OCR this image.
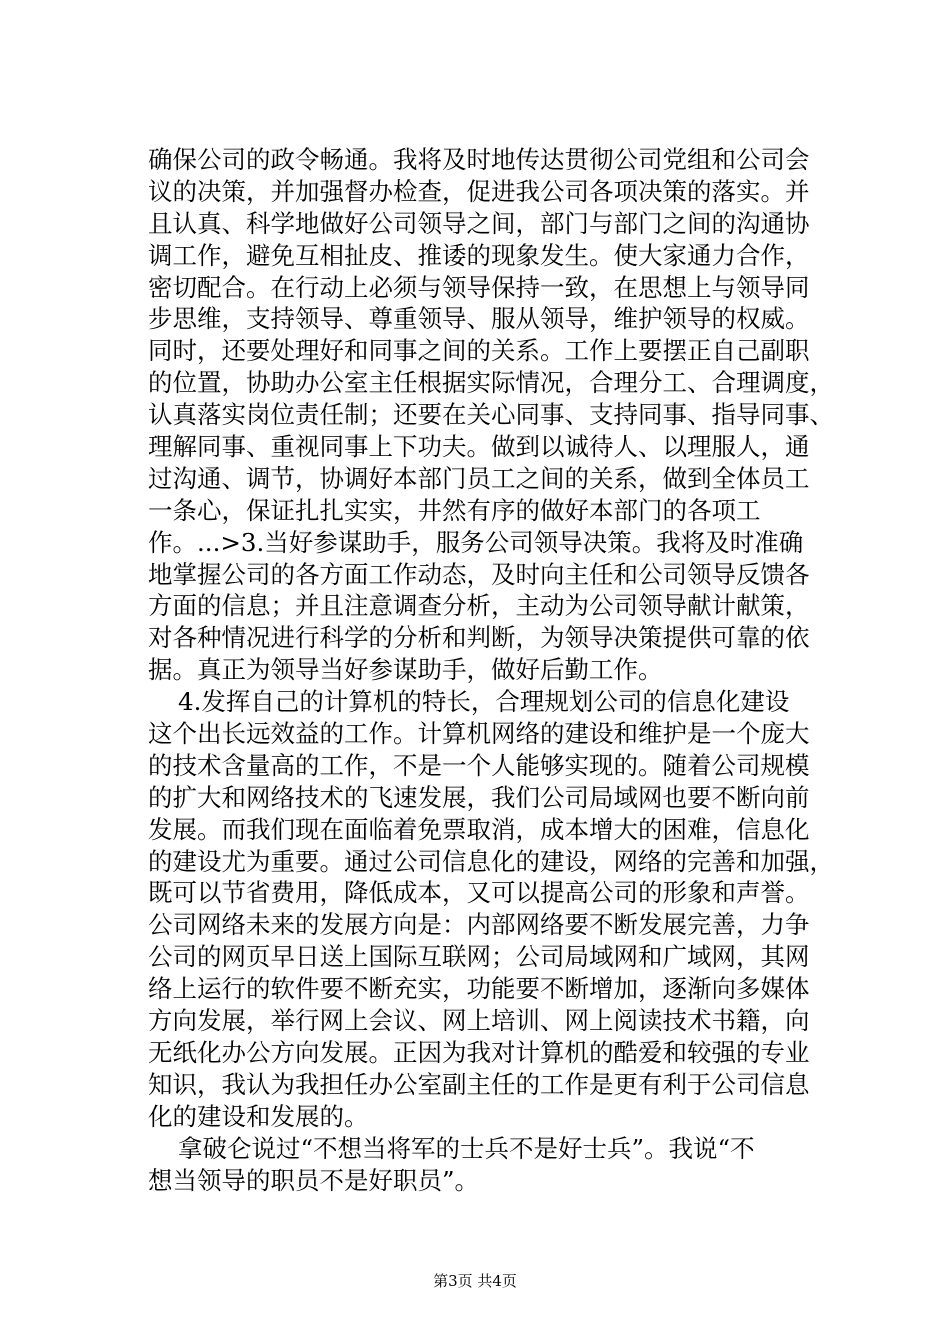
确保公司的政令畅通。我将及时地传达贯彻公司党组和公司会
议的决策，并加强督办检查，促进我公司各项决策的落实。并
且认真、科学地做好公司领导之间，部门与部门之间的沟通协
调工作，避免互相扯皮、推诿的现象发生。使大家通力合作，
密切配合。在行动上必须与领导保持一致，在思想上与领导同
步思维，支持领导、尊重领导、服从领导，维护领导的权威。
同时，还要处理好和同事之间的关系。工作上要摆正自己副职
的位置，协助办公室主任根据实际情况，合理分工、合理调度，
认真落实岗位责任制；还要在关心同事、支持同事、指导同事、
理解同事、重视同事上下功夫。做到以诚待人、以理服人，通
过沟通、调节，协调好本部门员工之间的关系，做到全体员工
一条心，保证扎扎实实，井然有序的做好本部门的各项工
作。...>3.当好参谋助手，服务公司领导决策。我将及时准确
地掌握公司的各方面工作动态，及时向主任和公司领导反馈各
方面的信息；并且注意调查分析，主动为公司领导献计献策，
对各种情况进行科学的分析和判断，为领导决策提供可靠的依
据。真正为领导当好参谋助手，做好后勤工作。
4.发挥自己的计算机的特长，合理规划公司的信息化建设
这个出长远效益的工作。计算机网络的建设和维护是一个庞大
的技术含量高的工作，不是一个人能够实现的。随着公司规模
的扩大和网络技术的飞速发展，我们公司局域网也要不断向前
发展。而我们现在面临着免票取消，成本增大的困难，信息化
的建设尤为重要。通过公司信息化的建设，网络的完善和加强，
既可以节省费用，降低成本，又可以提高公司的形象和声誉。
公司网络未来的发展方向是：内部网络要不断发展完善，力争
公司的网页早日送上国际互联网；公司局域网和广域网，其网
络上运行的软件要不断充实，功能要不断增加，逐渐向多媒体
方向发展，举行网上会议、网上培训、网上阅读技术书籍，向
无纸化办公方向发展。正因为我对计算机的酷爱和较强的专业
知识，我认为我担任办公室副主任的工作是更有利于公司信息
化的建设和发展的。
拿破仑说过“不想当将军的士兵不是好士兵”。我说“不
想当领导的职员不是好职员”。
第3页 共4页
